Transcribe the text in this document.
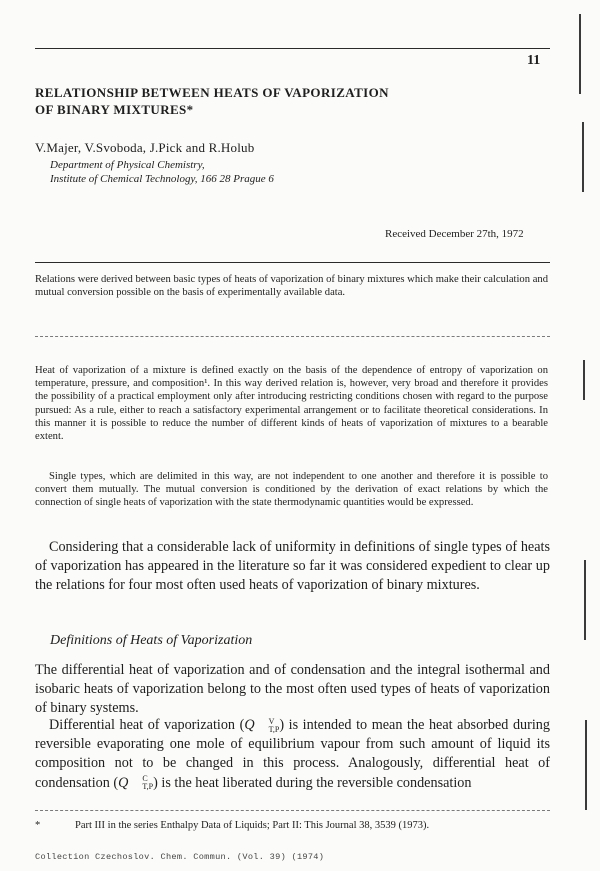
11
RELATIONSHIP BETWEEN HEATS OF VAPORIZATION
OF BINARY MIXTURES*
V.Majer, V.Svoboda, J.Pick and R.Holub
Department of Physical Chemistry,
Institute of Chemical Technology, 166 28 Prague 6
Received December 27th, 1972

Relations were derived between basic types of heats of vaporization of binary mixtures which make their calculation and mutual conversion possible on the basis of experimentally available data.

Heat of vaporization of a mixture is defined exactly on the basis of the dependence of entropy of vaporization on temperature, pressure, and composition¹. In this way derived relation is, however, very broad and therefore it provides the possibility of a practical employment only after introducing restricting conditions chosen with regard to the purpose pursued: As a rule, either to reach a satisfactory experimental arrangement or to facilitate theoretical considerations. In this manner it is possible to reduce the number of different kinds of heats of vaporization of mixtures to a bearable extent.

Single types, which are delimited in this way, are not independent to one another and therefore it is possible to convert them mutually. The mutual conversion is conditioned by the derivation of exact relations by which the connection of single heats of vaporization with the state thermodynamic quantities would be expressed.

Considering that a considerable lack of uniformity in definitions of single types of heats of vaporization has appeared in the literature so far it was considered expedient to clear up the relations for four most often used heats of vaporization of binary mixtures.

Definitions of Heats of Vaporization

The differential heat of vaporization and of condensation and the integral isothermal and isobaric heats of vaporization belong to the most often used types of heats of vaporization of binary systems.

Differential heat of vaporization (Q	V
T,P ) is intended to mean the heat absorbed during reversible evaporating one mole of equilibrium vapour from such amount of liquid its composition not to be changed in this process. Analogously, differential heat of condensation (Q	C
T,P ) is the heat liberated during the reversible condensation

*	Part III in the series Enthalpy Data of Liquids; Part II: This Journal 38, 3539 (1973).
Collection Czechoslov. Chem. Commun. (Vol. 39) (1974)
